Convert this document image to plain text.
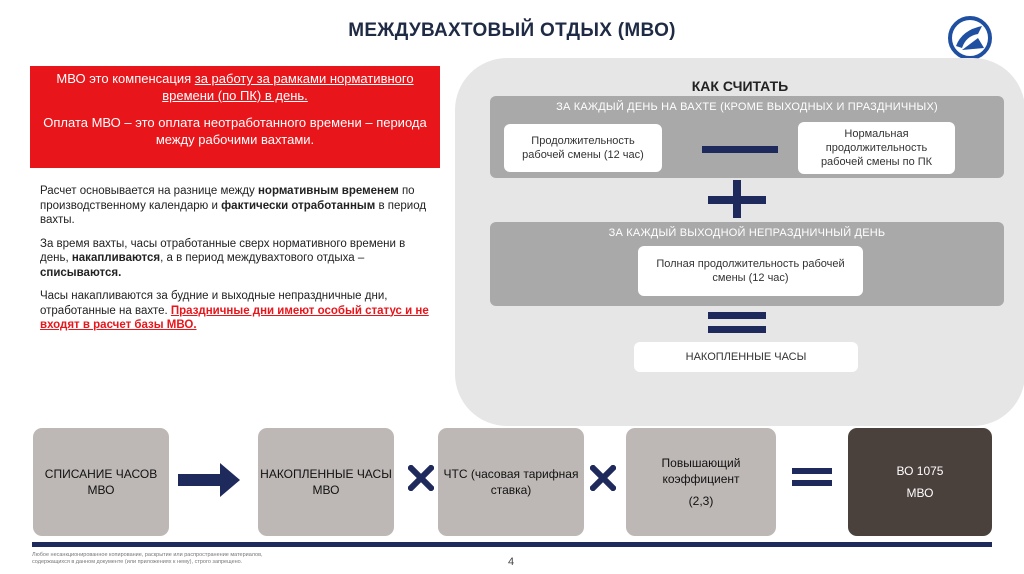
МЕЖДУВАХТОВЫЙ ОТДЫХ (МВО)

МВО это компенсация за работу за рамками нормативного времени (по ПК) в день.

Оплата МВО – это оплата неотработанного времени – периода между рабочими вахтами.

Расчет основывается на разнице между нормативным временем по производственному календарю и фактически отработанным в период вахты.

За время вахты, часы отработанные сверх нормативного времени в день, накапливаются, а в период междувахтового отдыха –списываются.

Часы накапливаются за будние и выходные непраздничные дни, отработанные на вахте. Праздничные дни имеют особый статус и не входят в расчет базы МВО.

КАК СЧИТАТЬ
ЗА КАЖДЫЙ ДЕНЬ НА ВАХТЕ (КРОМЕ ВЫХОДНЫХ И ПРАЗДНИЧНЫХ)
Продолжительность рабочей смены (12 час)
Нормальная продолжительность рабочей смены по ПК
ЗА КАЖДЫЙ ВЫХОДНОЙ НЕПРАЗДНИЧНЫЙ ДЕНЬ
Полная продолжительность рабочей смены (12 час)
НАКОПЛЕННЫЕ ЧАСЫ
СПИСАНИЕ ЧАСОВ МВО
НАКОПЛЕННЫЕ ЧАСЫ МВО
ЧТС (часовая тарифная ставка)
Повышающий коэффициент
(2,3)
ВО 1075
МВО
Любое несанкционированное копирование, раскрытие или распространение материалов, содержащихся в данном документе (или приложениях к нему), строго запрещено.	4
